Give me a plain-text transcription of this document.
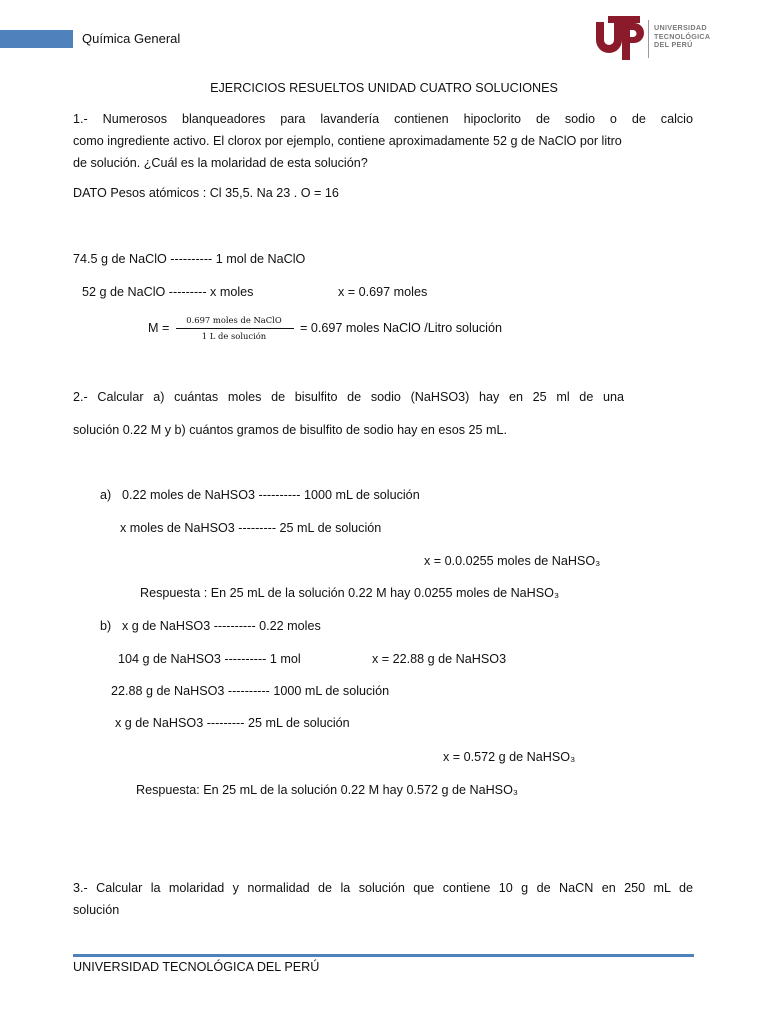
Química General
UNIVERSIDAD
TECNOLÓGICA
DEL PERÚ
EJERCICIOS RESUELTOS UNIDAD CUATRO SOLUCIONES
1.- Numerosos blanqueadores para lavandería contienen hipoclorito de sodio o de calcio
como ingrediente activo. El clorox por ejemplo, contiene aproximadamente 52 g de NaClO por litro
de solución. ¿Cuál es la molaridad de esta solución?
DATO Pesos atómicos : Cl 35,5. Na 23 . O = 16
74.5 g de NaClO ---------- 1 mol de NaClO
52 g de NaClO --------- x moles	x = 0.697 moles
M =
0.697 moles de NaClO
1 L de solución
= 0.697 moles NaClO /Litro solución
2.- Calcular a) cuántas moles de bisulfito de sodio (NaHSO3) hay en 25 ml de una
solución 0.22 M y b) cuántos gramos de bisulfito de sodio hay en esos 25 mL.
a) 0.22 moles de NaHSO3 ---------- 1000 mL de solución
x moles de NaHSO3 --------- 25 mL de solución
x = 0.0.0255 moles de NaHSO₃
Respuesta : En 25 mL de la solución 0.22 M hay 0.0255 moles de NaHSO₃
b) x g de NaHSO3 ---------- 0.22 moles
104 g de NaHSO3 ---------- 1 mol	x = 22.88 g de NaHSO3
22.88 g de NaHSO3 ---------- 1000 mL de solución
x g de NaHSO3 --------- 25 mL de solución
x = 0.572 g de NaHSO₃
Respuesta: En 25 mL de la solución 0.22 M hay 0.572 g de NaHSO₃
3.- Calcular la molaridad y normalidad de la solución que contiene 10 g de NaCN en 250 mL de
solución
UNIVERSIDAD TECNOLÓGICA DEL PERÚ
